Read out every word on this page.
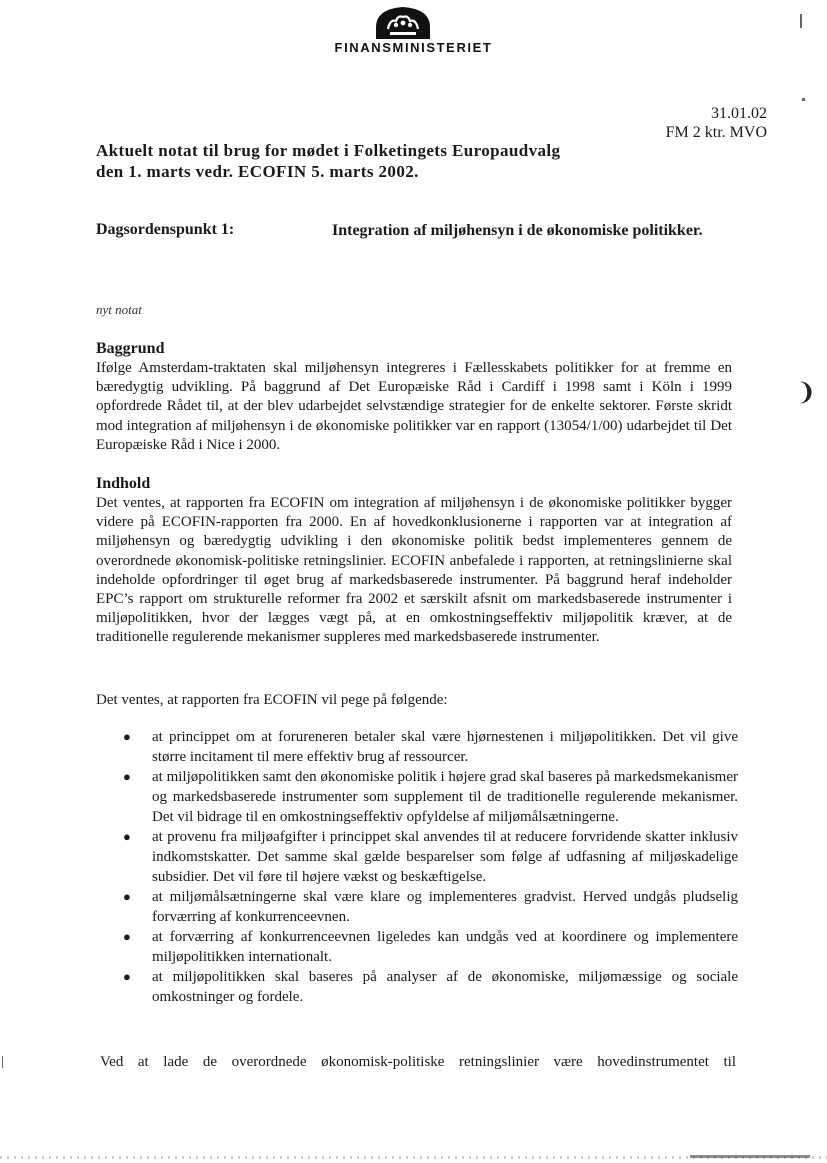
FINANSMINISTERIET
31.01.02
FM 2 ktr. MVO
Aktuelt notat til brug for mødet i Folketingets Europaudvalg
den 1. marts vedr. ECOFIN 5. marts 2002.
Dagsordenspunkt 1:	Integration af miljøhensyn i de økonomiske politikker.
nyt notat
Baggrund

Ifølge Amsterdam-traktaten skal miljøhensyn integreres i Fællesskabets politikker for at fremme en bæredygtig udvikling. På baggrund af Det Europæiske Råd i Cardiff i 1998 samt i Köln i 1999 opfordrede Rådet til, at der blev udarbejdet selvstændige strategier for de enkelte sektorer. Første skridt mod integration af miljøhensyn i de økonomiske politikker var en rapport (13054/1/00) udarbejdet til Det Europæiske Råd i Nice i 2000.

Indhold

Det ventes, at rapporten fra ECOFIN om integration af miljøhensyn i de økonomiske politikker bygger videre på ECOFIN-rapporten fra 2000. En af hovedkonklusionerne i rapporten var at integration af miljøhensyn og bæredygtig udvikling i den økonomiske politik bedst implementeres gennem de overordnede økonomisk-politiske retningslinier. ECOFIN anbefalede i rapporten, at retningslinierne skal indeholde opfordringer til øget brug af markedsbaserede instrumenter. På baggrund heraf indeholder EPC’s rapport om strukturelle reformer fra 2002 et særskilt afsnit om markedsbaserede instrumenter i miljøpolitikken, hvor der lægges vægt på, at en omkostningseffektiv miljøpolitik kræver, at de traditionelle regulerende mekanismer suppleres med markedsbaserede instrumenter.

Det ventes, at rapporten fra ECOFIN vil pege på følgende:

● at princippet om at forureneren betaler skal være hjørnestenen i miljøpolitikken. Det vil give større incitament til mere effektiv brug af ressourcer.
● at miljøpolitikken samt den økonomiske politik i højere grad skal baseres på markedsmekanismer og markedsbaserede instrumenter som supplement til de traditionelle regulerende mekanismer. Det vil bidrage til en omkostningseffektiv opfyldelse af miljømålsætningerne.
● at provenu fra miljøafgifter i princippet skal anvendes til at reducere forvridende skatter inklusiv indkomstskatter. Det samme skal gælde besparelser som følge af udfasning af miljøskadelige subsidier. Det vil føre til højere vækst og beskæftigelse.
● at miljømålsætningerne skal være klare og implementeres gradvist. Herved undgås pludselig forværring af konkurrenceevnen.
● at forværring af konkurrenceevnen ligeledes kan undgås ved at koordinere og implementere miljøpolitikken internationalt.
● at miljøpolitikken skal baseres på analyser af de økonomiske, miljømæssige og sociale omkostninger og fordele.
Ved at lade de overordnede økonomisk-politiske retningslinier være hovedinstrumentet til
❩
